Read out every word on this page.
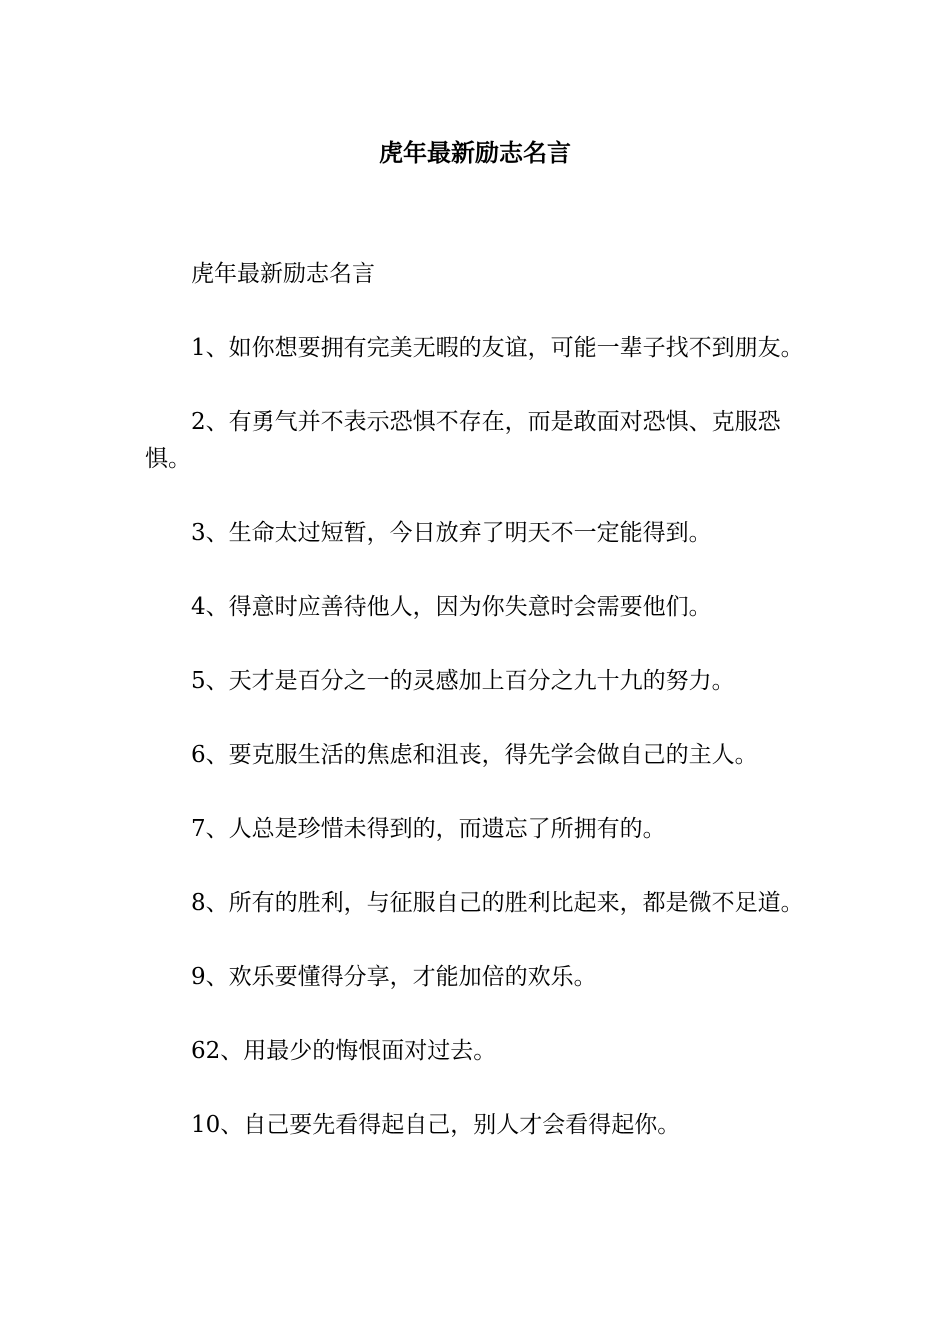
虎年最新励志名言

虎年最新励志名言

1、如你想要拥有完美无暇的友谊，可能一辈子找不到朋友。

2、有勇气并不表示恐惧不存在，而是敢面对恐惧、克服恐惧。

3、生命太过短暂，今日放弃了明天不一定能得到。

4、得意时应善待他人，因为你失意时会需要他们。

5、天才是百分之一的灵感加上百分之九十九的努力。

6、要克服生活的焦虑和沮丧，得先学会做自己的主人。

7、人总是珍惜未得到的，而遗忘了所拥有的。

8、所有的胜利，与征服自己的胜利比起来，都是微不足道。

9、欢乐要懂得分享，才能加倍的欢乐。

62、用最少的悔恨面对过去。

10、自己要先看得起自己，别人才会看得起你。
